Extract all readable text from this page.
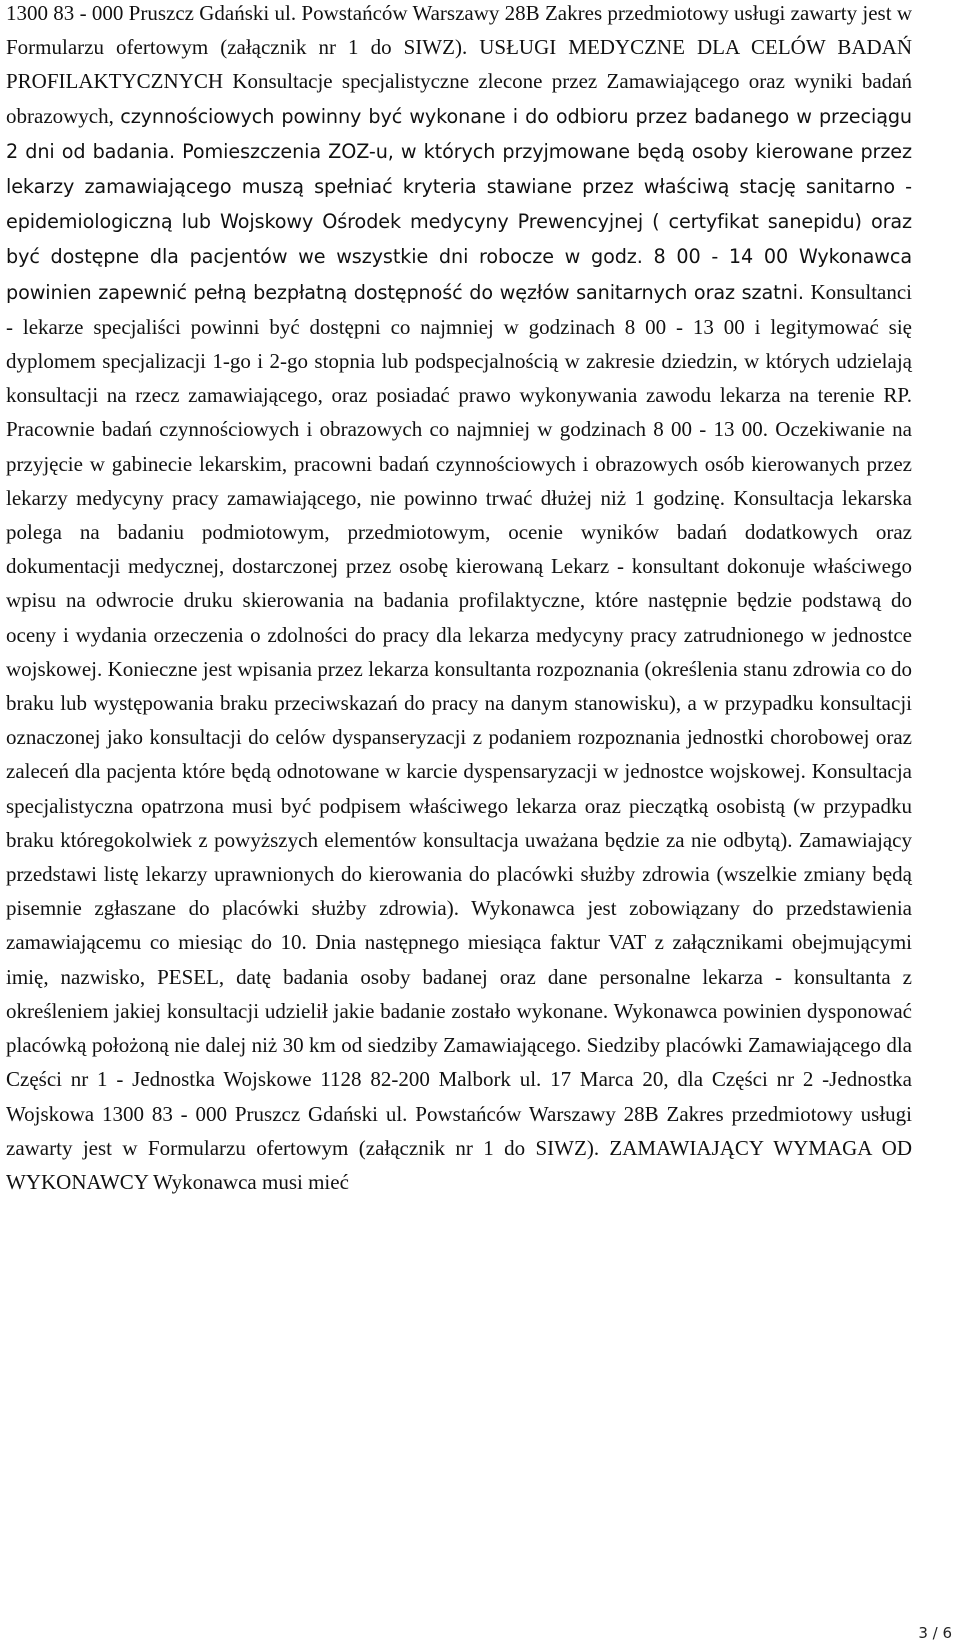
1300 83 - 000 Pruszcz Gdański ul. Powstańców Warszawy 28B Zakres przedmiotowy usługi zawarty jest w Formularzu ofertowym (załącznik nr 1 do SIWZ). USŁUGI MEDYCZNE DLA CELÓW BADAŃ PROFILAKTYCZNYCH Konsultacje specjalistyczne zlecone przez Zamawiającego oraz wyniki badań obrazowych, czynnościowych powinny być wykonane i do odbioru przez badanego w przeciągu 2 dni od badania. Pomieszczenia ZOZ-u, w których przyjmowane będą osoby kierowane przez lekarzy zamawiającego muszą spełniać kryteria stawiane przez właściwą stację sanitarno - epidemiologiczną lub Wojskowy Ośrodek medycyny Prewencyjnej ( certyfikat sanepidu) oraz być dostępne dla pacjentów we wszystkie dni robocze w godz. 8 00 - 14 00 Wykonawca powinien zapewnić pełną bezpłatną dostępność do węzłów sanitarnych oraz szatni. Konsultanci - lekarze specjaliści powinni być dostępni co najmniej w godzinach 8 00 - 13 00 i legitymować się dyplomem specjalizacji 1-go i 2-go stopnia lub podspecjalnością w zakresie dziedzin, w których udzielają konsultacji na rzecz zamawiającego, oraz posiadać prawo wykonywania zawodu lekarza na terenie RP. Pracownie badań czynnościowych i obrazowych co najmniej w godzinach 8 00 - 13 00. Oczekiwanie na przyjęcie w gabinecie lekarskim, pracowni badań czynnościowych i obrazowych osób kierowanych przez lekarzy medycyny pracy zamawiającego, nie powinno trwać dłużej niż 1 godzinę. Konsultacja lekarska polega na badaniu podmiotowym, przedmiotowym, ocenie wyników badań dodatkowych oraz dokumentacji medycznej, dostarczonej przez osobę kierowaną Lekarz - konsultant dokonuje właściwego wpisu na odwrocie druku skierowania na badania profilaktyczne, które następnie będzie podstawą do oceny i wydania orzeczenia o zdolności do pracy dla lekarza medycyny pracy zatrudnionego w jednostce wojskowej. Konieczne jest wpisania przez lekarza konsultanta rozpoznania (określenia stanu zdrowia co do braku lub występowania braku przeciwskazań do pracy na danym stanowisku), a w przypadku konsultacji oznaczonej jako konsultacji do celów dyspanseryzacji z podaniem rozpoznania jednostki chorobowej oraz zaleceń dla pacjenta które będą odnotowane w karcie dyspensaryzacji w jednostce wojskowej. Konsultacja specjalistyczna opatrzona musi być podpisem właściwego lekarza oraz pieczątką osobistą (w przypadku braku któregokolwiek z powyższych elementów konsultacja uważana będzie za nie odbytą). Zamawiający przedstawi listę lekarzy uprawnionych do kierowania do placówki służby zdrowia (wszelkie zmiany będą pisemnie zgłaszane do placówki służby zdrowia). Wykonawca jest zobowiązany do przedstawienia zamawiającemu co miesiąc do 10. Dnia następnego miesiąca faktur VAT z załącznikami obejmującymi imię, nazwisko, PESEL, datę badania osoby badanej oraz dane personalne lekarza - konsultanta z określeniem jakiej konsultacji udzielił jakie badanie zostało wykonane. Wykonawca powinien dysponować placówką położoną nie dalej niż 30 km od siedziby Zamawiającego. Siedziby placówki Zamawiającego dla Części nr 1 - Jednostka Wojskowe 1128 82-200 Malbork ul. 17 Marca 20, dla Części nr 2 -Jednostka Wojskowa 1300 83 - 000 Pruszcz Gdański ul. Powstańców Warszawy 28B Zakres przedmiotowy usługi zawarty jest w Formularzu ofertowym (załącznik nr 1 do SIWZ). ZAMAWIAJĄCY WYMAGA OD WYKONAWCY Wykonawca musi mieć

3 / 6
